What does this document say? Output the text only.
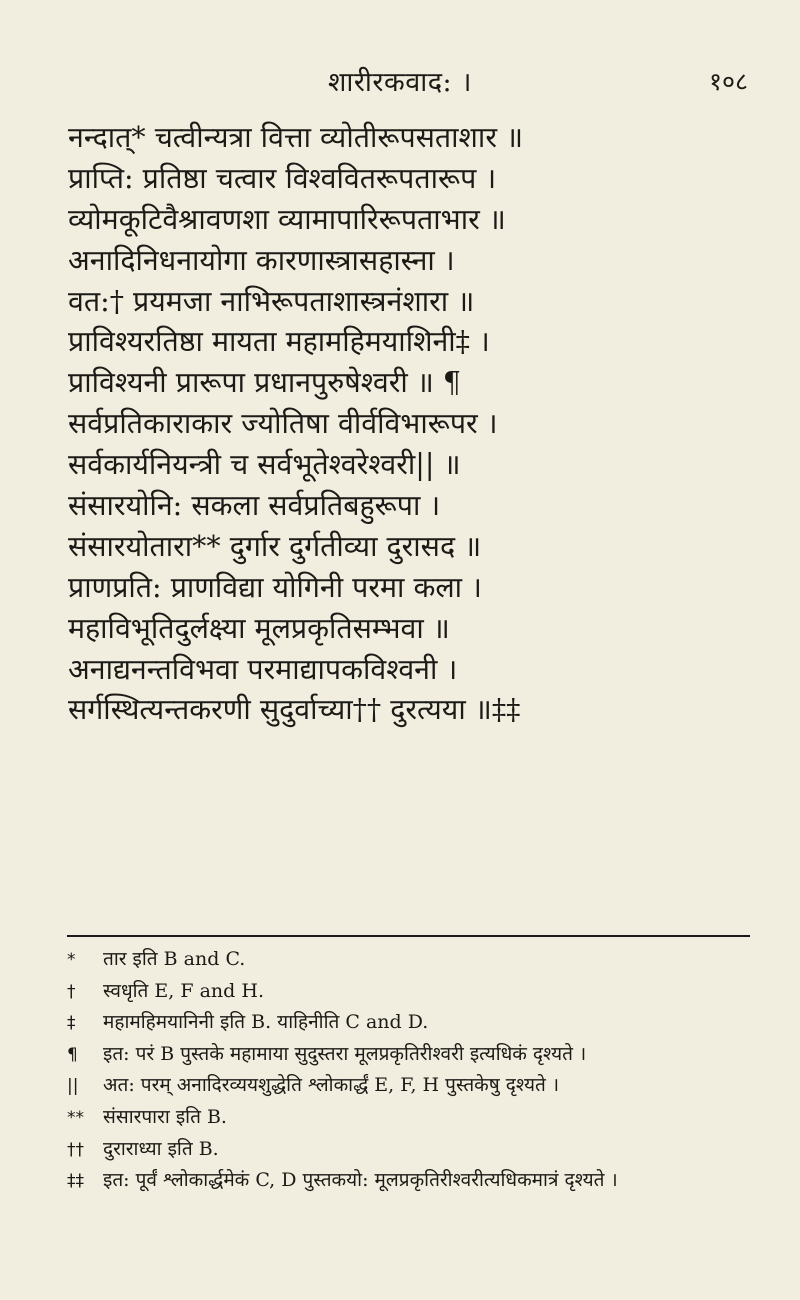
शारीरकवाद: ।	१०८
नन्दात्* चत्वीन्यत्रा वित्ता व्योतीरूपसताशार ॥
प्राप्ति: प्रतिष्ठा चत्वार विश्ववितरूपतारूप ।
व्योमकूटिवैश्रावणशा व्यामापारिरूपताभार ॥
अनादिनिधनायोगा कारणास्त्रासहास्ना ।
वत:† प्रयमजा नाभिरूपताशास्त्रनंशारा ॥
प्राविश्यरतिष्ठा मायता महामहिमयाशिनी‡ ।
प्राविश्यनी प्रारूपा प्रधानपुरुषेश्वरी ॥ ¶
सर्वप्रतिकाराकार ज्योतिषा वीर्वविभारूपर ।
सर्वकार्यनियन्त्री च सर्वभूतेश्वरेश्वरी|| ॥
संसारयोनि: सकला सर्वप्रतिबहुरूपा ।
संसारयोतारा** दुर्गार दुर्गतीव्या दुरासद ॥
प्राणप्रति: प्राणविद्या योगिनी परमा कला ।
महाविभूतिदुर्लक्ष्या मूलप्रकृतिसम्भवा ॥
अनाद्यनन्तविभवा परमाद्यापकविश्वनी ।
सर्गस्थित्यन्तकरणी सुदुर्वाच्या†† दुरत्यया ॥‡‡
*	तार इति B and C.
†	स्वधृति E, F and H.
‡	महामहिमयानिनी इति B. याहिनीति C and D.
¶	इत: परं B पुस्तके महामाया सुदुस्तरा मूलप्रकृतिरीश्वरी इत्यधिकं दृश्यते ।
||	अत: परम् अनादिरव्ययशुद्धेति श्लोकार्द्धं E, F, H पुस्तकेषु दृश्यते ।
**	संसारपारा इति B.
††	दुराराध्या इति B.
‡‡	इत: पूर्वं श्लोकार्द्धमेकं C, D पुस्तकयो: मूलप्रकृतिरीश्वरीत्यधिकमात्रं दृश्यते ।
